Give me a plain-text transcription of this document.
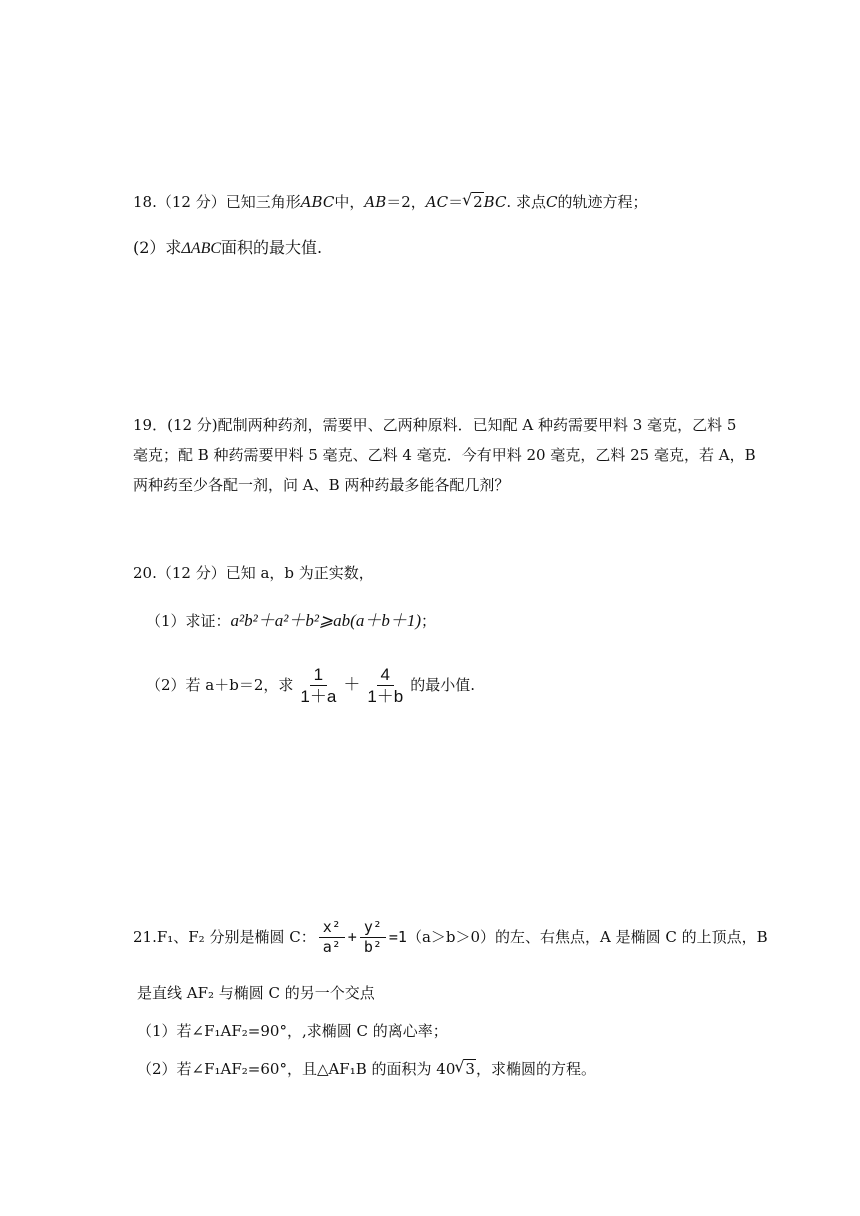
18.（12 分）已知三角形ABC中，AB＝2，AC＝ √ 2BC. 求点C的轨迹方程；
(2）求ΔABC面积的最大值.
19．(12 分)配制两种药剂，需要甲、乙两种原料．已知配 A 种药需要甲料 3 毫克，乙料 5
毫克；配 B 种药需要甲料 5 毫克、乙料 4 毫克．今有甲料 20 毫克，乙料 25 毫克，若 A，B
两种药至少各配一剂，问 A、B 两种药最多能各配几剂？
20.（12 分）已知 a，b 为正实数，
（1）求证：a²b²＋a²＋b²⩾ab(a＋b＋1)；
（2）若 a＋b＝2，求 $\frac{1}{1+a} + \frac{4}{1+b}$ 的最小值.
21.F₁、F₂ 分别是椭圆 C： $\frac{\text{x²}}{\text{a²}} + \frac{\text{y²}}{\text{b²}} =1$ （a＞b＞0）的左、右焦点，A 是椭圆 C 的上顶点，B
是直线 AF₂ 与椭圆 C 的另一个交点
（1）若∠F₁AF₂=90°，,求椭圆 C 的离心率；
（2）若∠F₁AF₂=60°，且△AF₁B 的面积为 40 √ 3，求椭圆的方程。
